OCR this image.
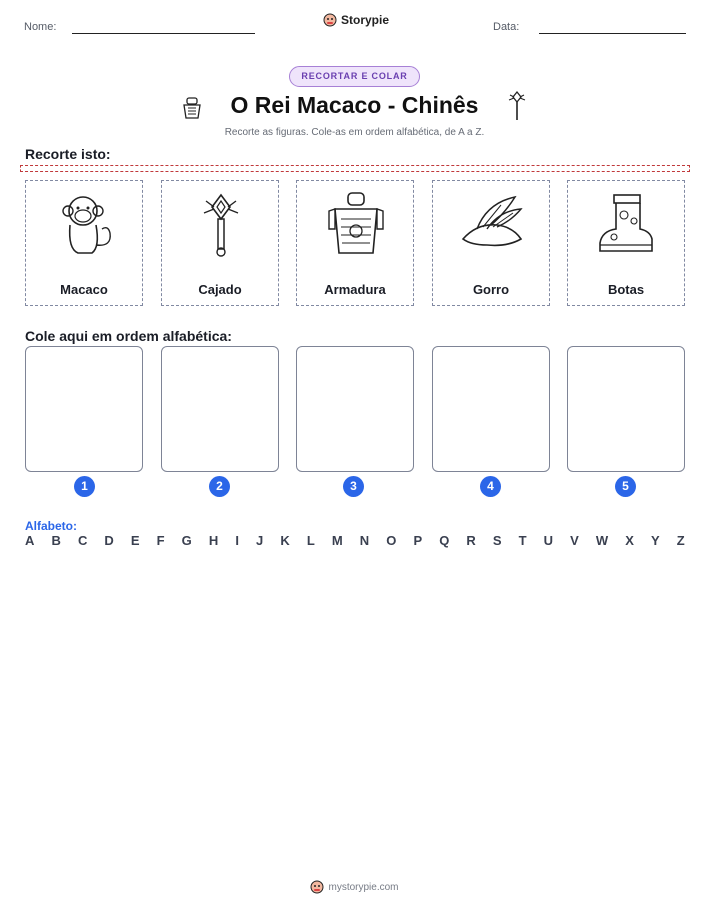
Nome:	Storypie	Data:
RECORTAR E COLAR
O Rei Macaco - Chinês
Recorte as figuras. Cole-as em ordem alfabética, de A a Z.
Recorte isto:
Macaco	Cajado	Armadura	Gorro	Botas
Cole aqui em ordem alfabética:
1	2	3	4	5
Alfabeto:
A B C D E F G H I J K L M N O P Q R S T U V W X Y Z
mystorypie.com
